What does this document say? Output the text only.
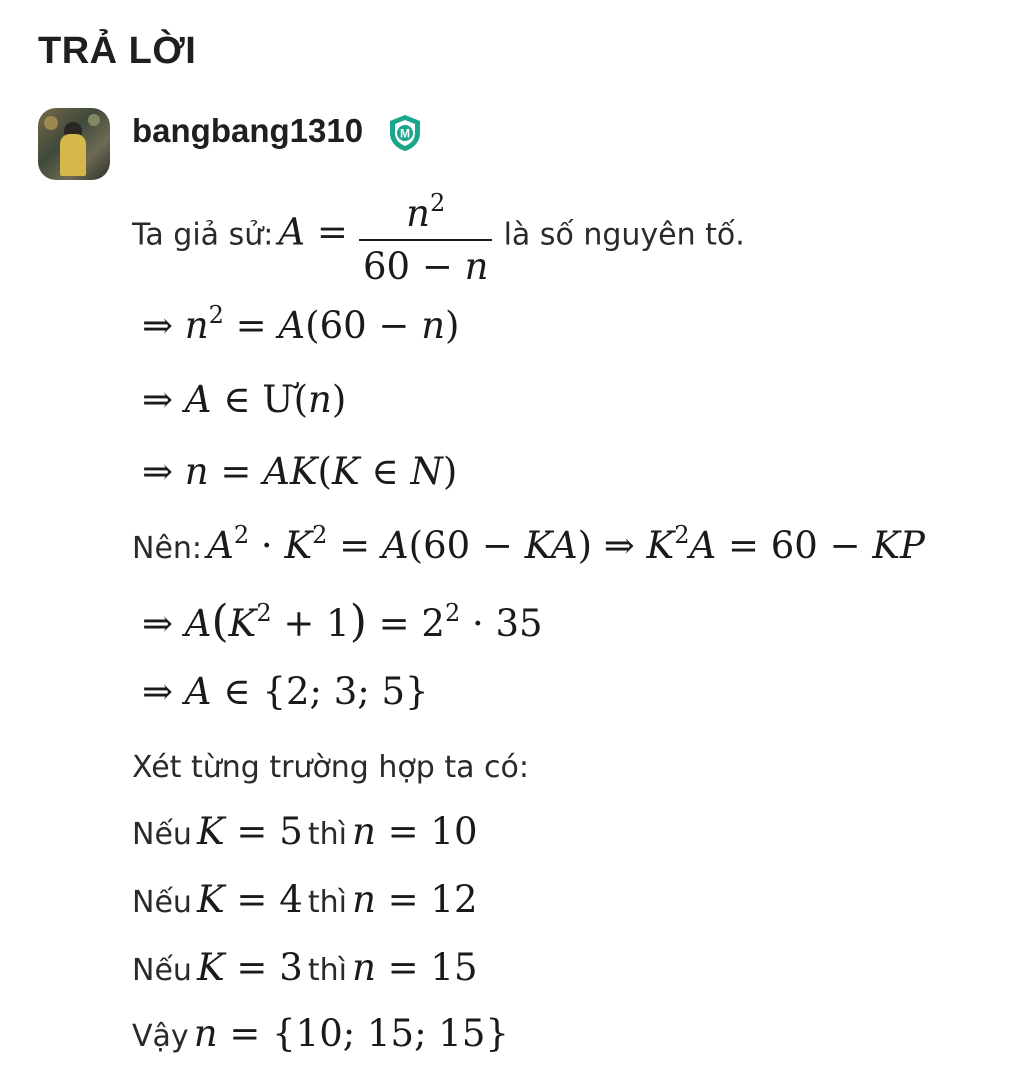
TRẢ LỜI
bangbang1310	M
Ta giả sử: $A = \frac{n^2}{60 - n}$ là số nguyên tố.
⇒ $n^2 = A(60 - n)$
⇒ A ∈ Ư(n)
⇒ n = AK(K ∈ N)
Nên: $A^2 \cdot K^2 = A(60 - KA)$ ⇒ $K^2A = 60$ − KP
⇒ $A(K^2 + 1) = 2^2 \cdot 35$
⇒ A ∈ {2; 3; 5}
Xét từng trường hợp ta có:
Nếu K = 5 thì n = 10
Nếu K = 4 thì n = 12
Nếu K = 3 thì n = 15
Vậy n = {10; 15; 15}
